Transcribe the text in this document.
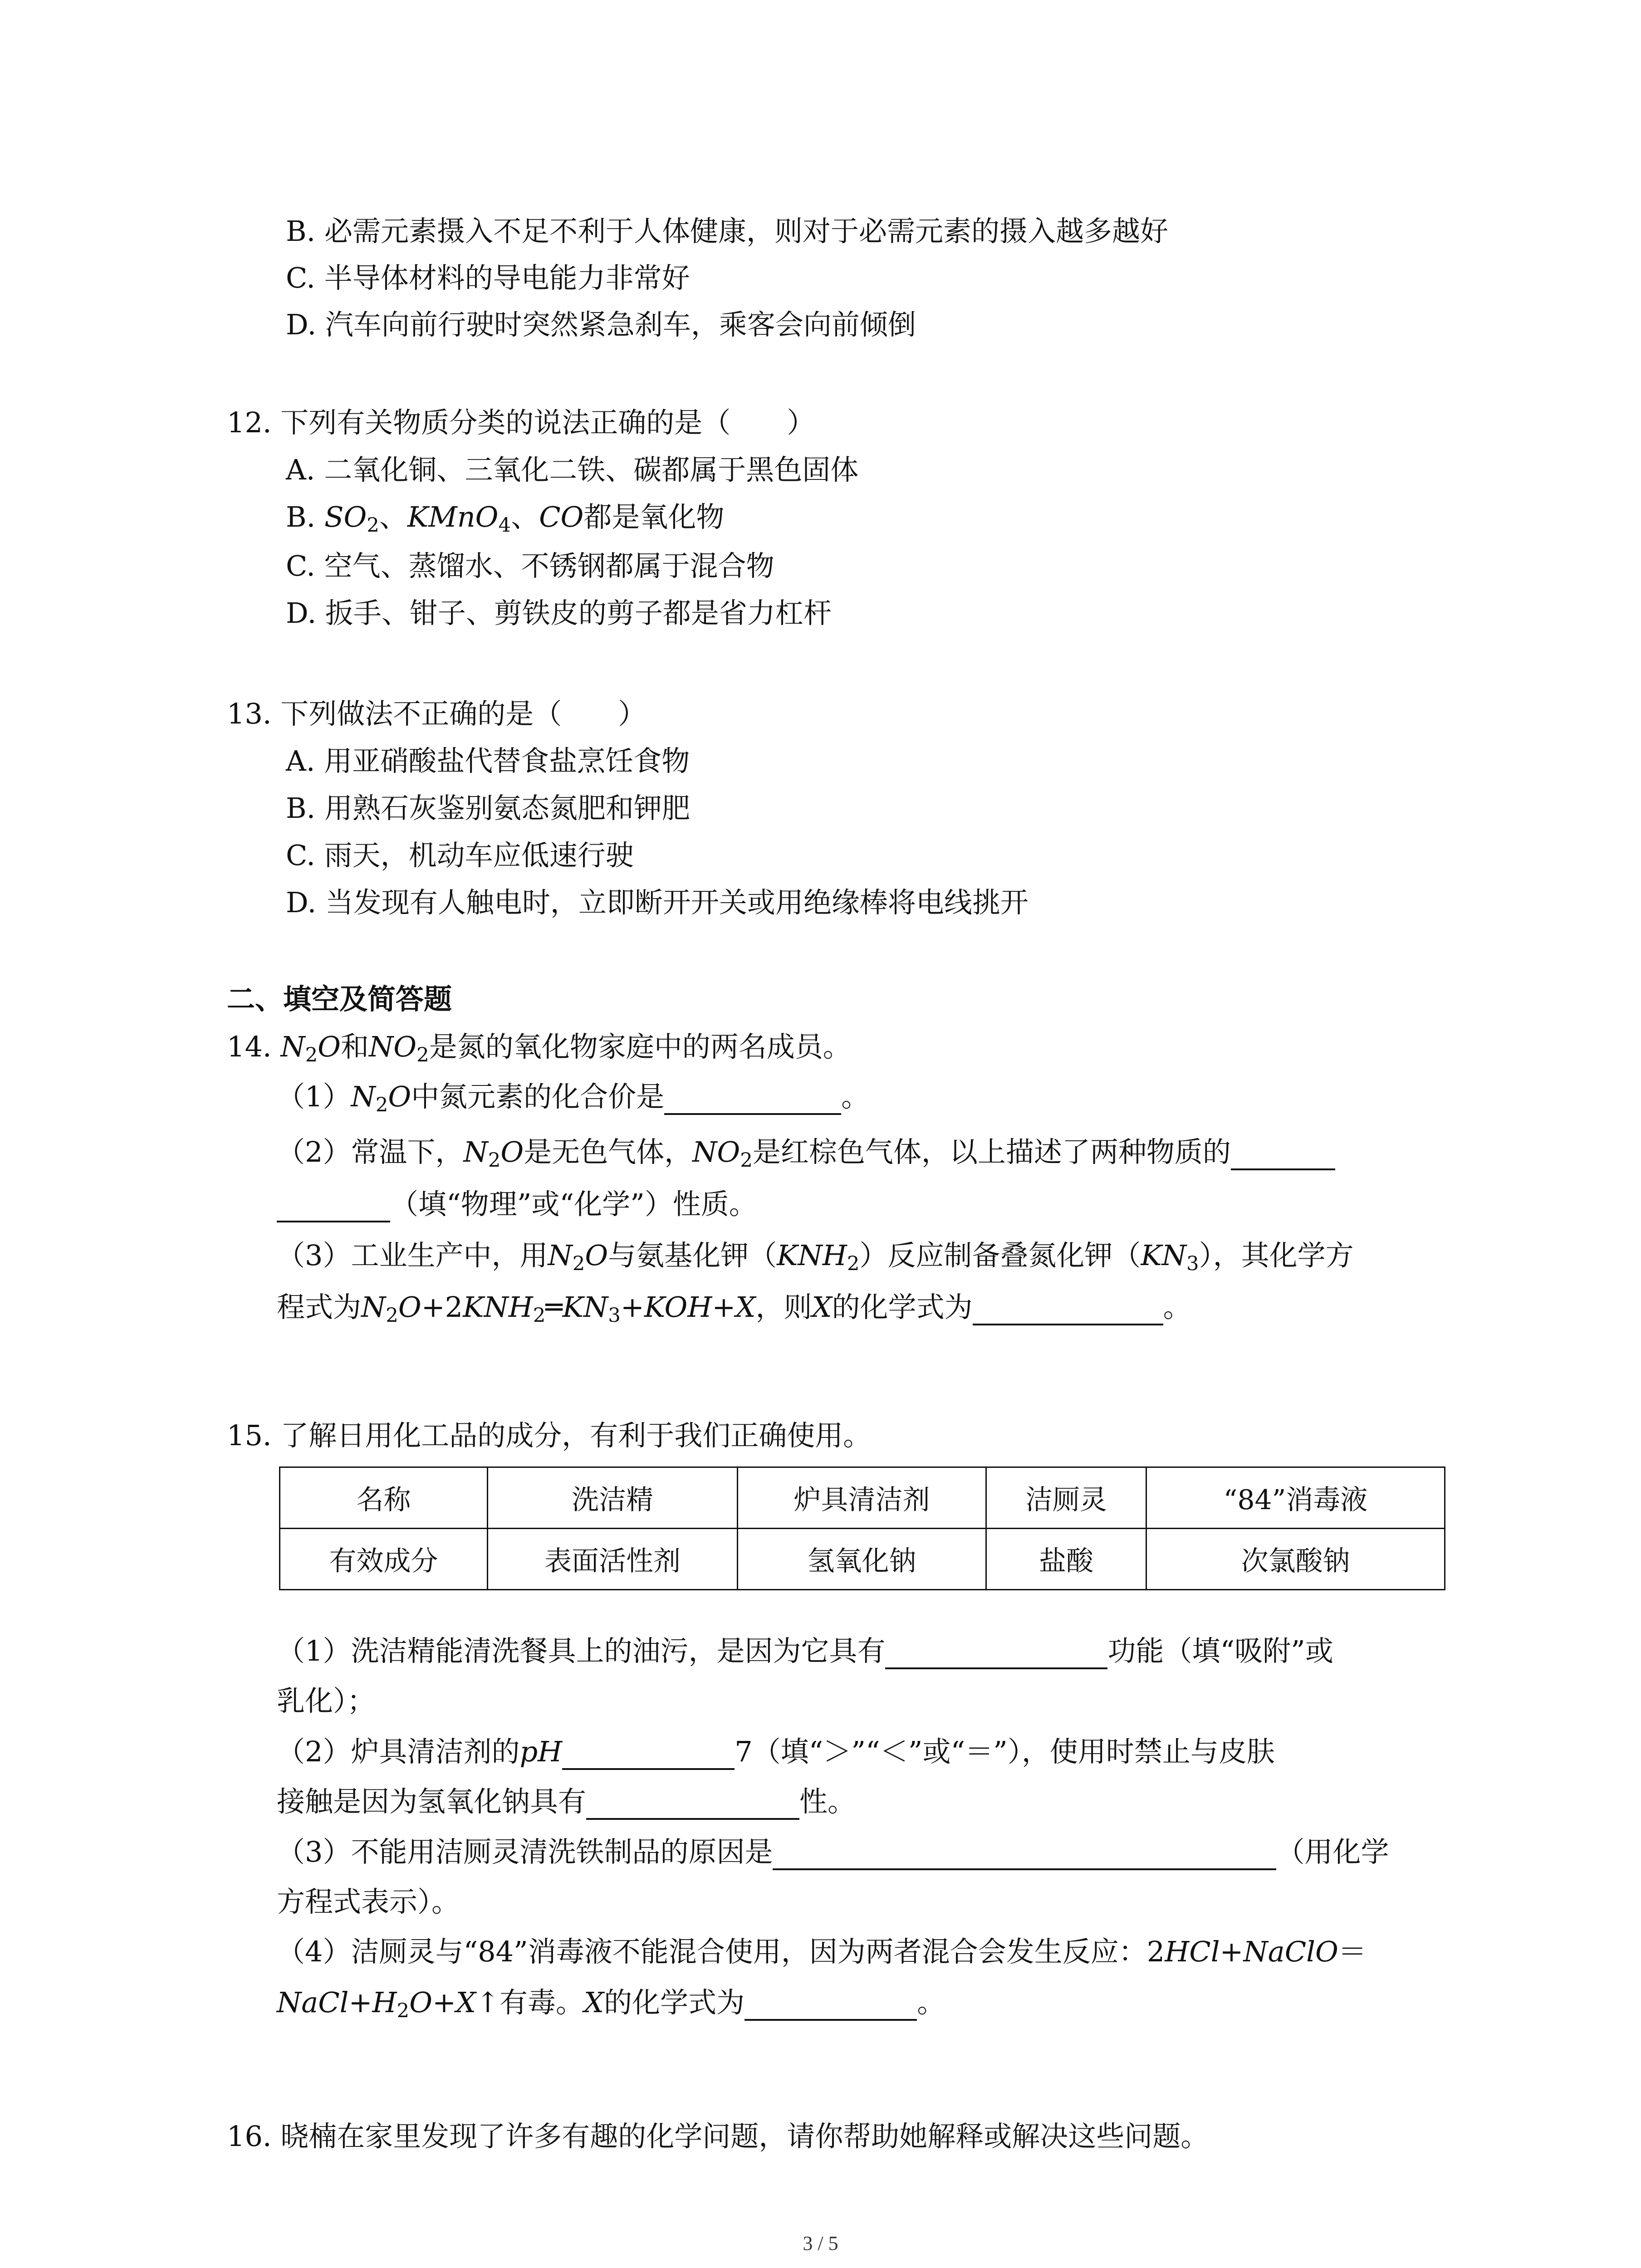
B. 必需元素摄入不足不利于人体健康，则对于必需元素的摄入越多越好
C. 半导体材料的导电能力非常好
D. 汽车向前行驶时突然紧急刹车，乘客会向前倾倒
12. 下列有关物质分类的说法正确的是（　　）
A. 二氧化铜、三氧化二铁、碳都属于黑色固体
B. $SO_2$、KMnO$_4$、CO都是氧化物
C. 空气、蒸馏水、不锈钢都属于混合物
D. 扳手、钳子、剪铁皮的剪子都是省力杠杆
13. 下列做法不正确的是（　　）
A. 用亚硝酸盐代替食盐烹饪食物
B. 用熟石灰鉴别氨态氮肥和钾肥
C. 雨天，机动车应低速行驶
D. 当发现有人触电时，立即断开开关或用绝缘棒将电线挑开
二、填空及简答题
14. $N_2O$和$NO_2$是氮的氧化物家庭中的两名成员。
$(1)N_2O$中氮元素的化合价是	。
（2）常温下，$N_2O$是无色气体，$NO_2$是红棕色气体，以上描述了两种物质的
（填“物理”或“化学”）性质。
（3）工业生产中，用$N_2O$与氨基化钾$(KNH_2)$反应制备叠氮化钾$(KN_3)$，其化学方
程式为$N_2O+2KNH_2═KN_3+KOH+X$，则X的化学式为	。
15. 了解日用化工品的成分，有利于我们正确使用。
名称	洗洁精	炉具清洁剂	洁厕灵	“84”消毒液
有效成分	表面活性剂	氢氧化钠	盐酸	次氯酸钠
（1）洗洁精能清洗餐具上的油污，是因为它具有	功能（填“吸附”或
乳化）；
（2）炉具清洁剂的pH	7（填“＞”“＜”或“＝”），使用时禁止与皮肤
接触是因为氢氧化钠具有	性。
（3）不能用洁厕灵清洗铁制品的原因是	（用化学
方程式表示）。
（4）洁厕灵与“84”消毒液不能混合使用，因为两者混合会发生反应：2HCl+NaClO＝
$NaCl+H_2O+X↑$有毒。X的化学式为	。
16. 晓楠在家里发现了许多有趣的化学问题，请你帮助她解释或解决这些问题。
3 / 5
